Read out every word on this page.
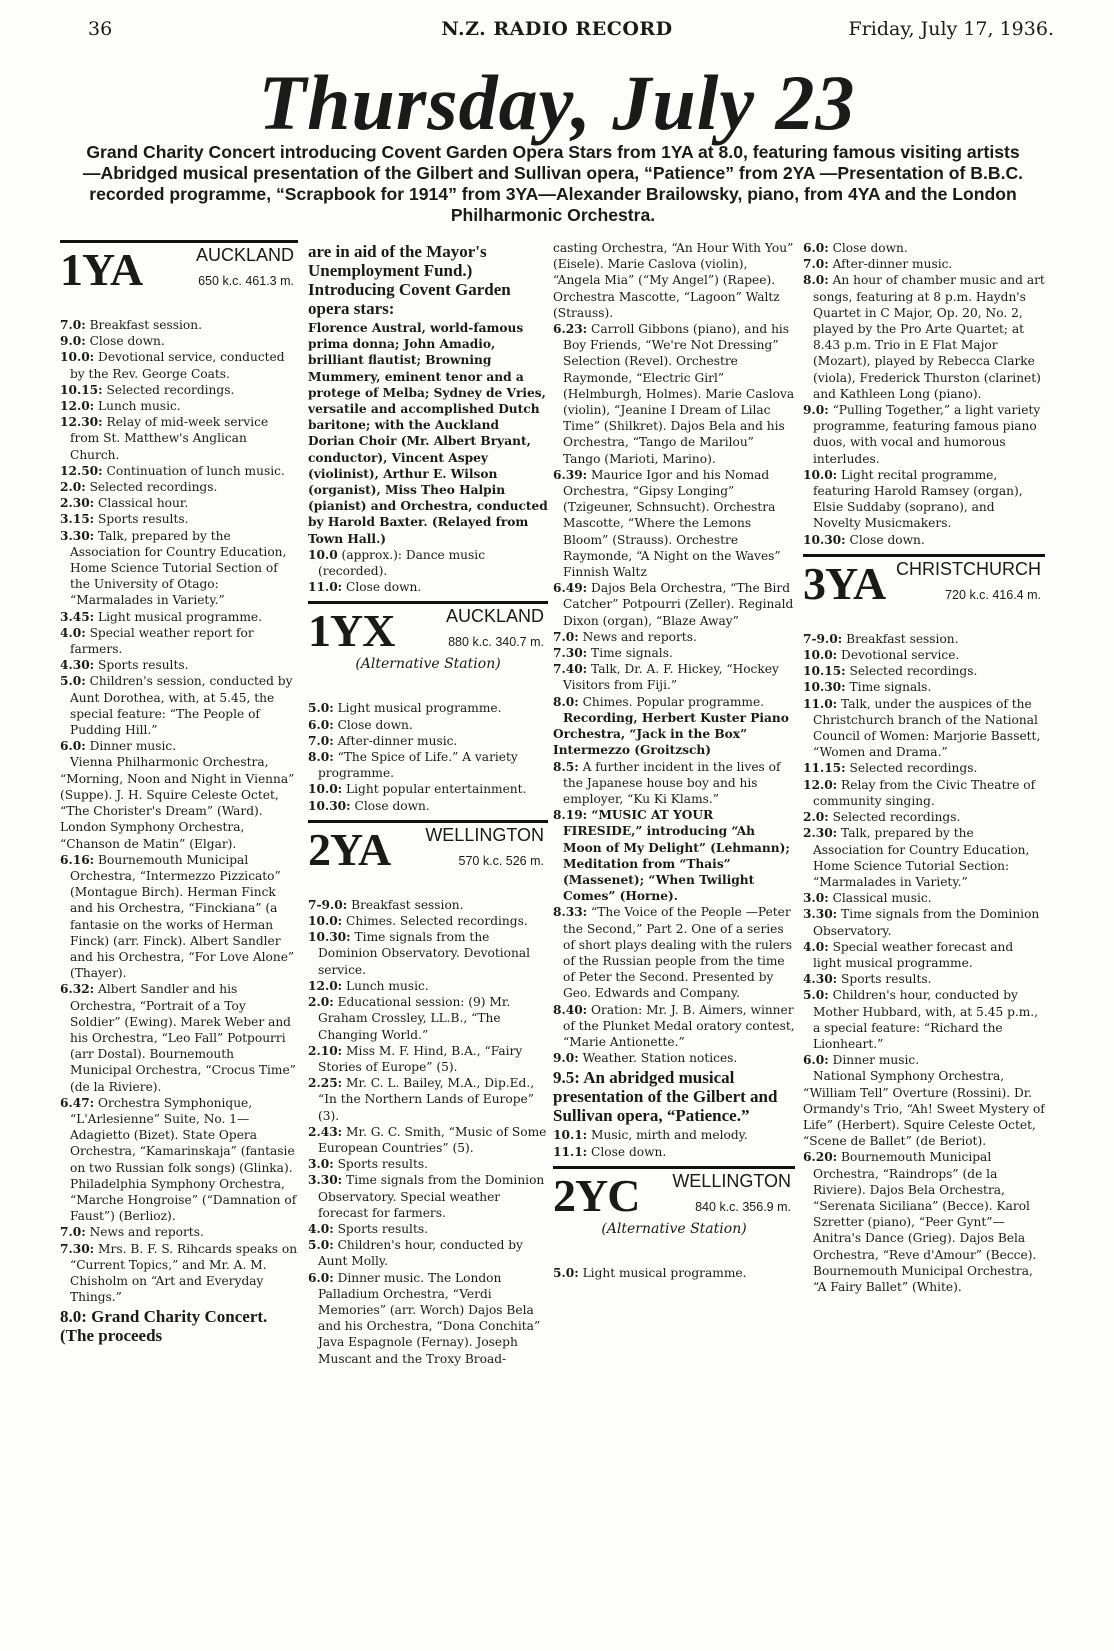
36	N.Z. RADIO RECORD	Friday, July 17, 1936.
Thursday, July 23
Grand Charity Concert introducing Covent Garden Opera Stars from 1YA at 8.0, featuring famous visiting artists—Abridged musical presentation of the Gilbert and Sullivan opera, “Patience” from 2YA —Presentation of B.B.C. recorded programme, “Scrapbook for 1914” from 3YA—Alexander Brailowsky, piano, from 4YA and the London Philharmonic Orchestra.
1YA	AUCKLAND
650 k.c. 461.3 m.

7.0: Breakfast session.

9.0: Close down.

10.0: Devotional service, conducted by the Rev. George Coats.

10.15: Selected recordings.

12.0: Lunch music.

12.30: Relay of mid-week service from St. Matthew's Anglican Church.

12.50: Continuation of lunch music.

2.0: Selected recordings.

2.30: Classical hour.

3.15: Sports results.

3.30: Talk, prepared by the Association for Country Education, Home Science Tutorial Section of the University of Otago: “Marmalades in Variety.”

3.45: Light musical programme.

4.0: Special weather report for farmers.

4.30: Sports results.

5.0: Children's session, conducted by Aunt Dorothea, with, at 5.45, the special feature: “The People of Pudding Hill.”

6.0: Dinner music.

Vienna Philharmonic Orchestra, “Morning, Noon and Night in Vienna” (Suppe). J. H. Squire Celeste Octet, “The Chorister's Dream” (Ward). London Symphony Orchestra, “Chanson de Matin” (Elgar).

6.16: Bournemouth Municipal Orchestra, “Intermezzo Pizzicato” (Montague Birch). Herman Finck and his Orchestra, “Finckiana” (a fantasie on the works of Herman Finck) (arr. Finck). Albert Sandler and his Orchestra, “For Love Alone” (Thayer).

6.32: Albert Sandler and his Orchestra, “Portrait of a Toy Soldier” (Ewing). Marek Weber and his Orchestra, “Leo Fall” Potpourri (arr Dostal). Bournemouth Municipal Orchestra, “Crocus Time” (de la Riviere).

6.47: Orchestra Symphonique, “L'Arlesienne” Suite, No. 1—Adagietto (Bizet). State Opera Orchestra, “Kamarinskaja” (fantasie on two Russian folk songs) (Glinka). Philadelphia Symphony Orchestra, “Marche Hongroise” (“Damnation of Faust”) (Berlioz).

7.0: News and reports.

7.30: Mrs. B. F. S. Rihcards speaks on “Current Topics,” and Mr. A. M. Chisholm on “Art and Everyday Things.”

8.0: Grand Charity Concert. (The proceeds

are in aid of the Mayor's Unemployment Fund.) Introducing Covent Garden opera stars:

Florence Austral, world-famous prima donna; John Amadio, brilliant flautist; Browning Mummery, eminent tenor and a protege of Melba; Sydney de Vries, versatile and accomplished Dutch baritone; with the Auckland Dorian Choir (Mr. Albert Bryant, conductor), Vincent Aspey (violinist), Arthur E. Wilson (organist), Miss Theo Halpin (pianist) and Orchestra, conducted by Harold Baxter. (Relayed from Town Hall.)

10.0 (approx.): Dance music (recorded).

11.0: Close down.

1YX	AUCKLAND
880 k.c. 340.7 m.
(Alternative Station)

5.0: Light musical programme.

6.0: Close down.

7.0: After-dinner music.

8.0: “The Spice of Life.” A variety programme.

10.0: Light popular entertainment.

10.30: Close down.

2YA WELLINGTON
570 k.c. 526 m.

7-9.0: Breakfast session.

10.0: Chimes. Selected recordings.

10.30: Time signals from the Dominion Observatory. Devotional service.

12.0: Lunch music.

2.0: Educational session: (9) Mr. Graham Crossley, LL.B., “The Changing World.”

2.10: Miss M. F. Hind, B.A., “Fairy Stories of Europe” (5).

2.25: Mr. C. L. Bailey, M.A., Dip.Ed., “In the Northern Lands of Europe” (3).

2.43: Mr. G. C. Smith, “Music of Some European Countries” (5).

3.0: Sports results.

3.30: Time signals from the Dominion Observatory. Special weather forecast for farmers.

4.0: Sports results.

5.0: Children's hour, conducted by Aunt Molly.

6.0: Dinner music. The London Palladium Orchestra, “Verdi Memories” (arr. Worch) Dajos Bela and his Orchestra, “Dona Conchita” Java Espagnole (Fernay). Joseph Muscant and the Troxy Broad-

casting Orchestra, “An Hour With You” (Eisele). Marie Caslova (violin), “Angela Mia” (“My Angel”) (Rapee). Orchestra Mascotte, “Lagoon” Waltz (Strauss).

6.23: Carroll Gibbons (piano), and his Boy Friends, “We're Not Dressing” Selection (Revel). Orchestre Raymonde, “Electric Girl” (Helmburgh, Holmes). Marie Caslova (violin), “Jeanine I Dream of Lilac Time” (Shilkret). Dajos Bela and his Orchestra, “Tango de Marilou” Tango (Marioti, Marino).

6.39: Maurice Igor and his Nomad Orchestra, “Gipsy Longing” (Tzigeuner, Schnsucht). Orchestra Mascotte, “Where the Lemons Bloom” (Strauss). Orchestre Raymonde, “A Night on the Waves” Finnish Waltz

6.49: Dajos Bela Orchestra, “The Bird Catcher” Potpourri (Zeller). Reginald Dixon (organ), “Blaze Away”

7.0: News and reports.

7.30: Time signals.

7.40: Talk, Dr. A. F. Hickey, “Hockey Visitors from Fiji.”

8.0: Chimes. Popular programme.

Recording, Herbert Kuster Piano Orchestra, “Jack in the Box” Intermezzo (Groitzsch)

8.5: A further incident in the lives of the Japanese house boy and his employer, “Ku Ki Klams.”

8.19: “MUSIC AT YOUR FIRESIDE,” introducing “Ah Moon of My Delight” (Lehmann); Meditation from “Thais” (Massenet); “When Twilight Comes” (Horne).

8.33: “The Voice of the People —Peter the Second,” Part 2. One of a series of short plays dealing with the rulers of the Russian people from the time of Peter the Second. Presented by Geo. Edwards and Company.

8.40: Oration: Mr. J. B. Aimers, winner of the Plunket Medal oratory contest, “Marie Antionette.”

9.0: Weather. Station notices.

9.5: An abridged musical presentation of the Gilbert and Sullivan opera, “Patience.”

10.1: Music, mirth and melody.

11.1: Close down.

2YC WELLINGTON
840 k.c. 356.9 m.
(Alternative Station)

5.0: Light musical programme.

6.0: Close down.

7.0: After-dinner music.

8.0: An hour of chamber music and art songs, featuring at 8 p.m. Haydn's Quartet in C Major, Op. 20, No. 2, played by the Pro Arte Quartet; at 8.43 p.m. Trio in E Flat Major (Mozart), played by Rebecca Clarke (viola), Frederick Thurston (clarinet) and Kathleen Long (piano).

9.0: “Pulling Together,” a light variety programme, featuring famous piano duos, with vocal and humorous interludes.

10.0: Light recital programme, featuring Harold Ramsey (organ), Elsie Suddaby (soprano), and Novelty Musicmakers.

10.30: Close down.

3YA CHRISTCHURCH
720 k.c. 416.4 m.

7-9.0: Breakfast session.

10.0: Devotional service.

10.15: Selected recordings.

10.30: Time signals.

11.0: Talk, under the auspices of the Christchurch branch of the National Council of Women: Marjorie Bassett, “Women and Drama.”

11.15: Selected recordings.

12.0: Relay from the Civic Theatre of community singing.

2.0: Selected recordings.

2.30: Talk, prepared by the Association for Country Education, Home Science Tutorial Section: “Marmalades in Variety.”

3.0: Classical music.

3.30: Time signals from the Dominion Observatory.

4.0: Special weather forecast and light musical programme.

4.30: Sports results.

5.0: Children's hour, conducted by Mother Hubbard, with, at 5.45 p.m., a special feature: “Richard the Lionheart.”

6.0: Dinner music.

National Symphony Orchestra, “William Tell” Overture (Rossini). Dr. Ormandy's Trio, “Ah! Sweet Mystery of Life” (Herbert). Squire Celeste Octet, “Scene de Ballet” (de Beriot).

6.20: Bournemouth Municipal Orchestra, “Raindrops” (de la Riviere). Dajos Bela Orchestra, “Serenata Siciliana” (Becce). Karol Szretter (piano), “Peer Gynt”—Anitra's Dance (Grieg). Dajos Bela Orchestra, “Reve d'Amour” (Becce). Bournemouth Municipal Orchestra, “A Fairy Ballet” (White).
